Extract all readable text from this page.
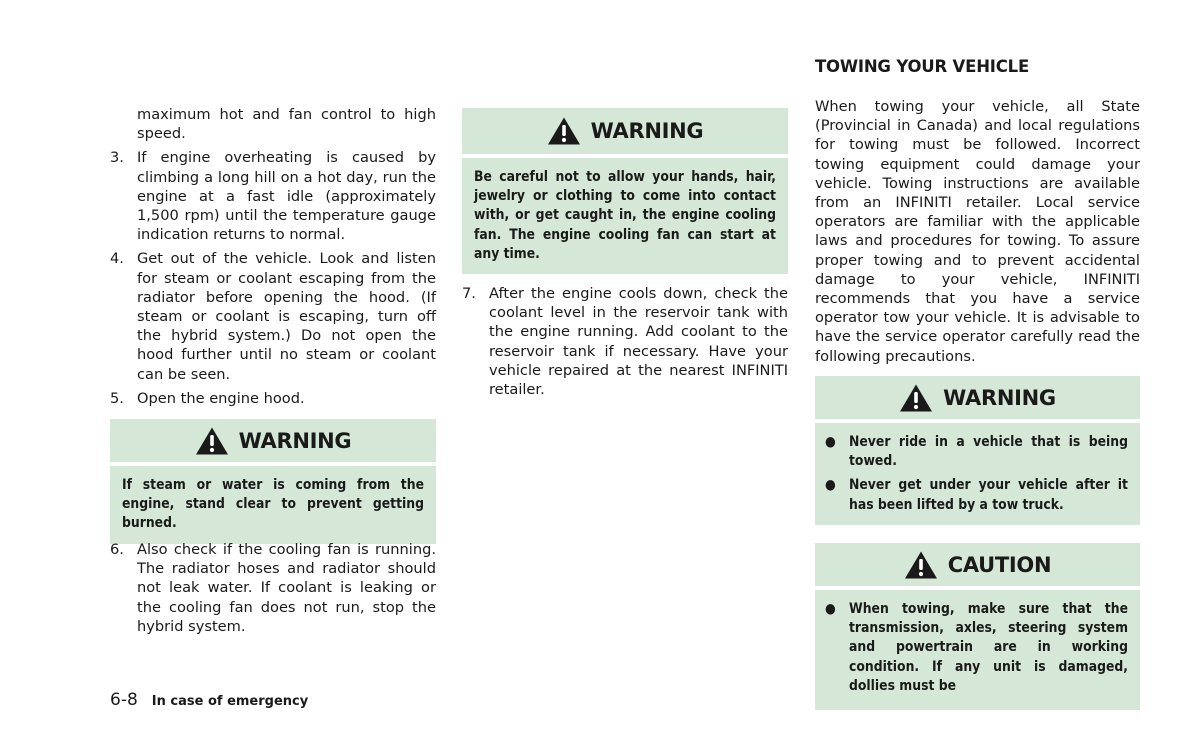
maximum hot and fan control to high speed.

3. If engine overheating is caused by climbing a long hill on a hot day, run the engine at a fast idle (approximately 1,500 rpm) until the temperature gauge indication returns to normal.
4. Get out of the vehicle. Look and listen for steam or coolant escaping from the radiator before opening the hood. (If steam or coolant is escaping, turn off the hybrid system.) Do not open the hood further until no steam or coolant can be seen.
5. Open the engine hood.
WARNING

If steam or water is coming from the engine, stand clear to prevent getting burned.

6. Also check if the cooling fan is running. The radiator hoses and radiator should not leak water. If coolant is leaking or the cooling fan does not run, stop the hybrid system.
WARNING

Be careful not to allow your hands, hair, jewelry or clothing to come into contact with, or get caught in, the engine cooling fan. The engine cooling fan can start at any time.

7. After the engine cools down, check the coolant level in the reservoir tank with the engine running. Add coolant to the reservoir tank if necessary. Have your vehicle repaired at the nearest INFINITI retailer.
TOWING YOUR VEHICLE

When towing your vehicle, all State (Provincial in Canada) and local regulations for towing must be followed. Incorrect towing equipment could damage your vehicle. Towing instructions are available from an INFINITI retailer. Local service operators are familiar with the applicable laws and procedures for towing. To assure proper towing and to prevent accidental damage to your vehicle, INFINITI recommends that you have a service operator tow your vehicle. It is advisable to have the service operator carefully read the following precautions.

WARNING
● Never ride in a vehicle that is being towed.
● Never get under your vehicle after it has been lifted by a tow truck.
CAUTION
● When towing, make sure that the transmission, axles, steering system and powertrain are in working condition. If any unit is damaged, dollies must be
6-8 In case of emergency
